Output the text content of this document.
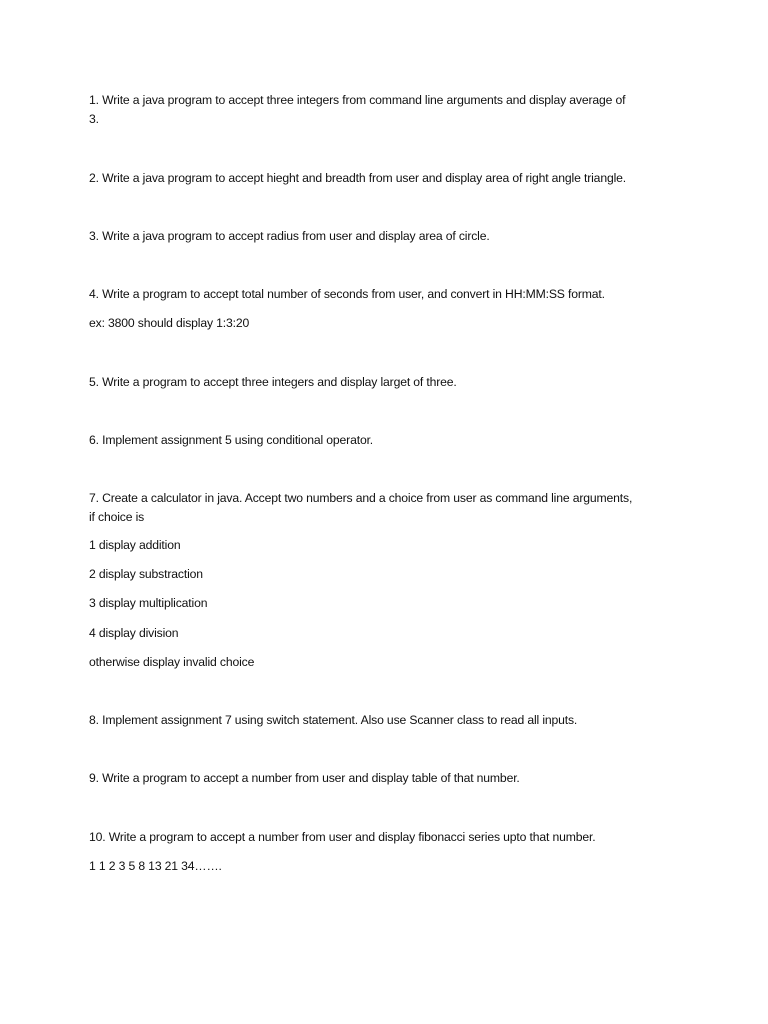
1. Write a java program to accept three integers from command line arguments and display average of
3.
2. Write a java program to accept hieght and breadth from user and display area of right angle triangle.
3. Write a java program to accept radius from user and display area of circle.
4. Write a program to accept total number of seconds from user, and convert in HH:MM:SS format.
ex: 3800 should display 1:3:20
5. Write a program to accept three integers and display larget of three.
6. Implement assignment 5 using conditional operator.
7. Create a calculator in java. Accept two numbers and a choice from user as command line arguments,
if choice is
1 display addition
2 display substraction
3 display multiplication
4 display division
otherwise display invalid choice
8. Implement assignment 7 using switch statement. Also use Scanner class to read all inputs.
9. Write a program to accept a number from user and display table of that number.
10. Write a program to accept a number from user and display fibonacci series upto that number.
1 1 2 3 5 8 13 21 34…….
